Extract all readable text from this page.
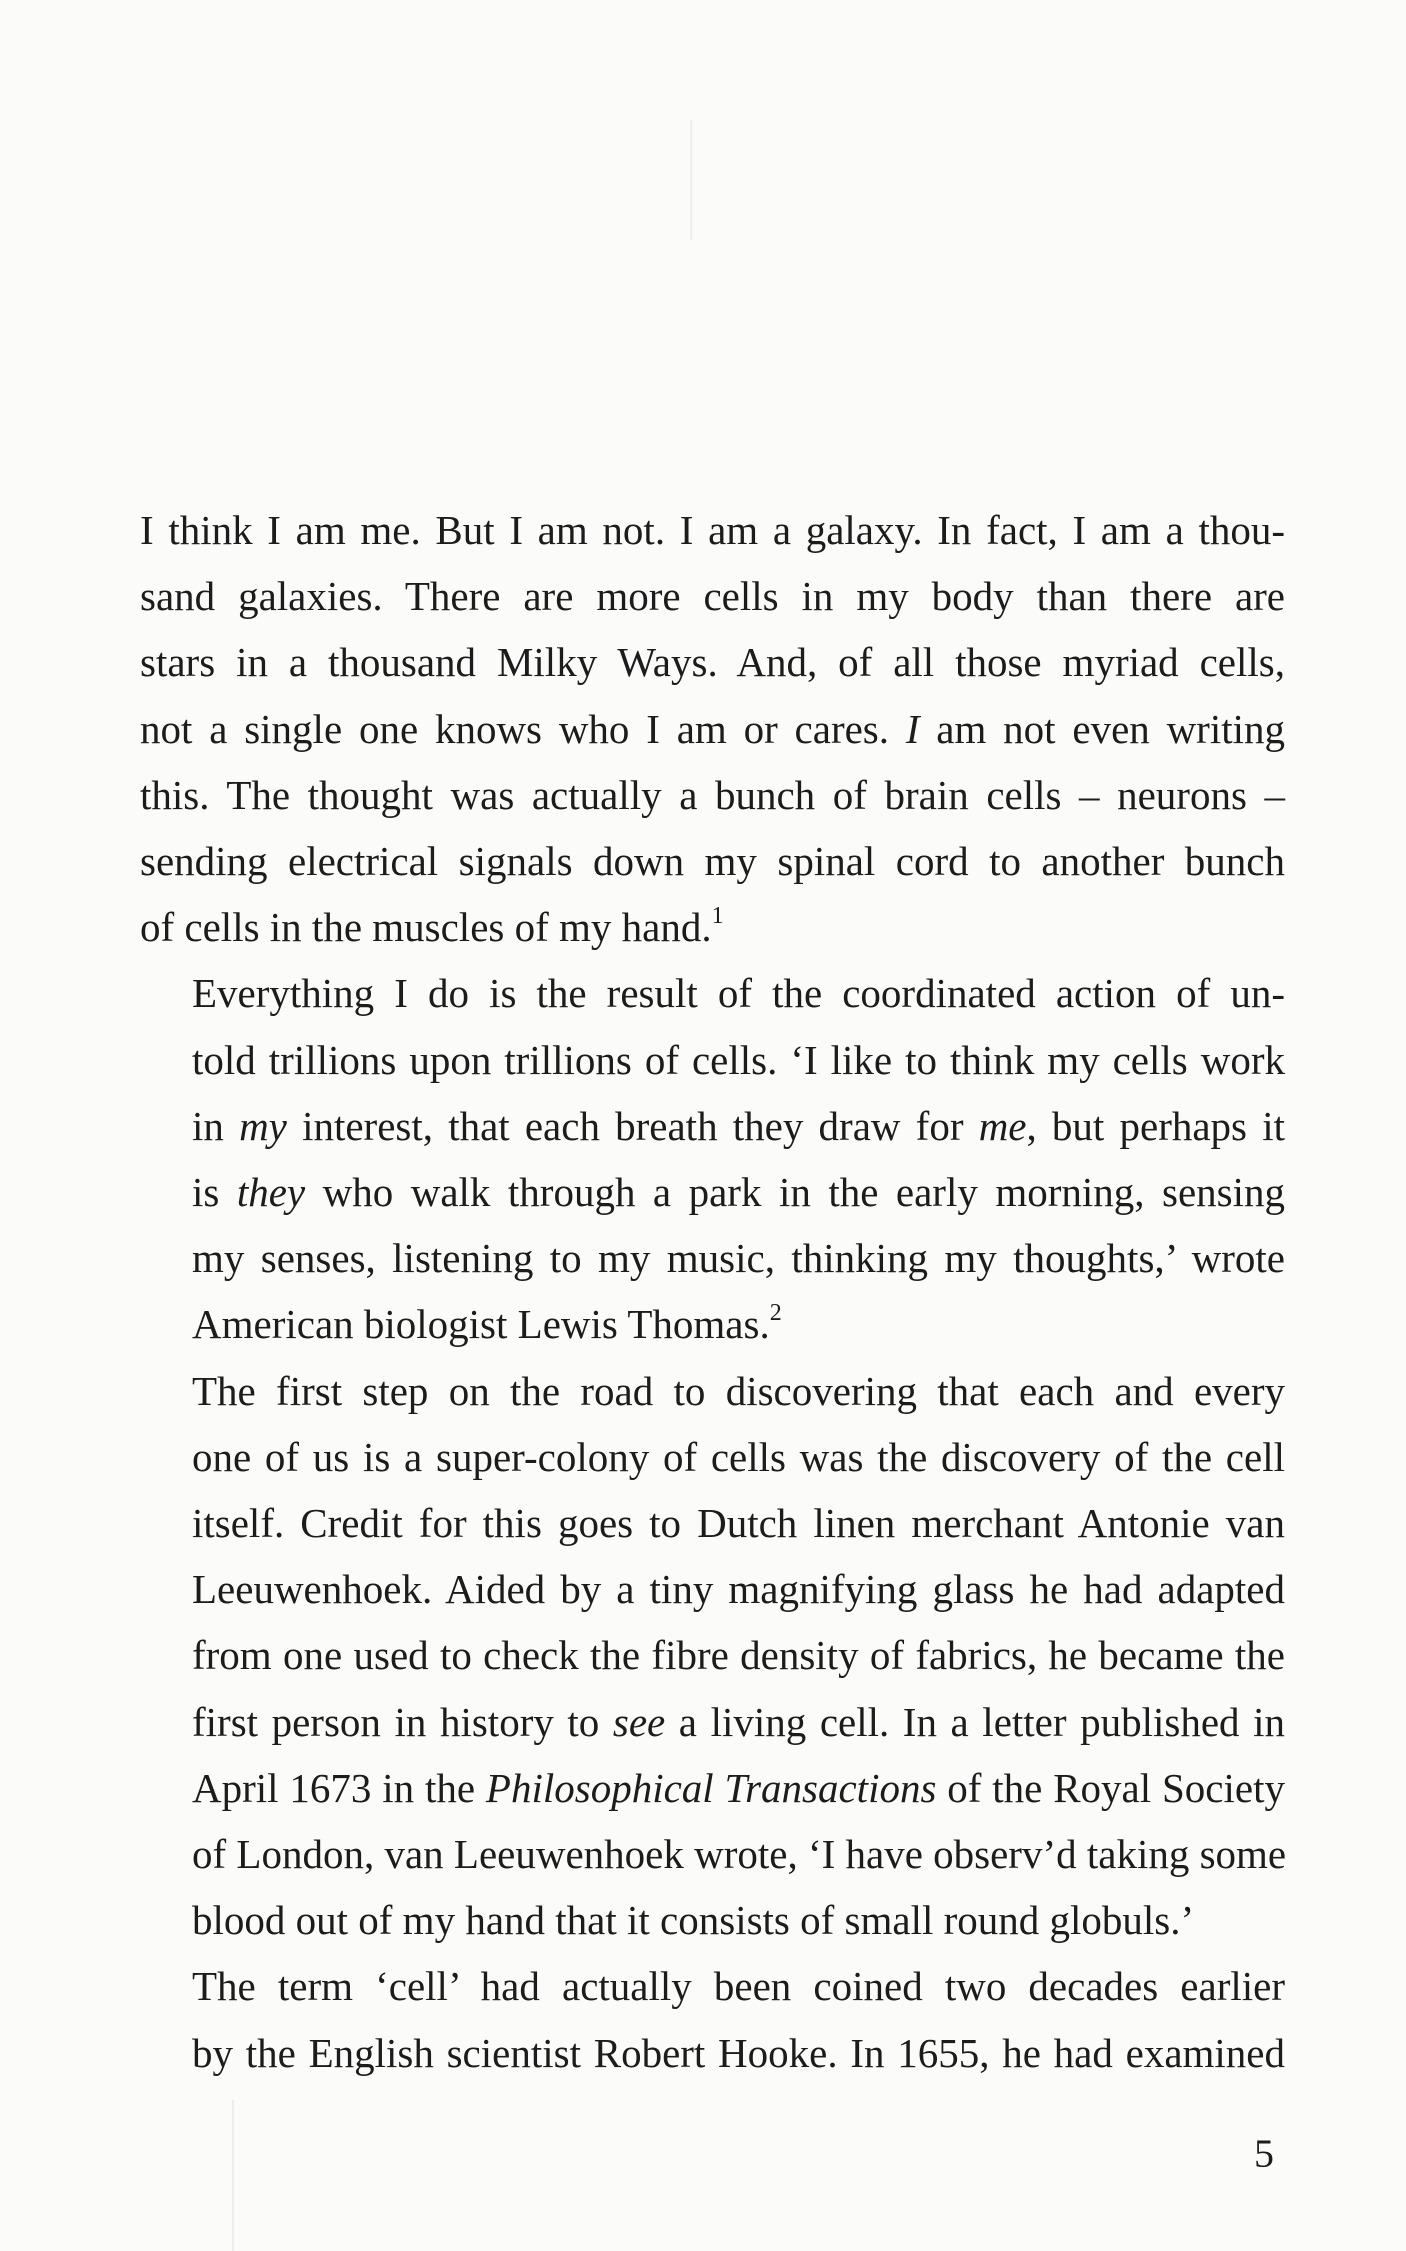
I think I am me. But I am not. I am a galaxy. In fact, I am a thou-
sand galaxies. There are more cells in my body than there are
stars in a thousand Milky Ways. And, of all those myriad cells,
not a single one knows who I am or cares. I am not even writing
this. The thought was actually a bunch of brain cells – neurons –
sending electrical signals down my spinal cord to another bunch
of cells in the muscles of my hand.$^1$
Everything I do is the result of the coordinated action of un-
told trillions upon trillions of cells. ‘I like to think my cells work
in my interest, that each breath they draw for me, but perhaps it
is they who walk through a park in the early morning, sensing
my senses, listening to my music, thinking my thoughts,’ wrote
American biologist Lewis Thomas.$^2$
The first step on the road to discovering that each and every
one of us is a super-colony of cells was the discovery of the cell
itself. Credit for this goes to Dutch linen merchant Antonie van
Leeuwenhoek. Aided by a tiny magnifying glass he had adapted
from one used to check the fibre density of fabrics, he became the
first person in history to see a living cell. In a letter published in
April 1673 in the Philosophical Transactions of the Royal Society
of London, van Leeuwenhoek wrote, ‘I have observ’d taking some
blood out of my hand that it consists of small round globuls.’
The term ‘cell’ had actually been coined two decades earlier
by the English scientist Robert Hooke. In 1655, he had examined
5
